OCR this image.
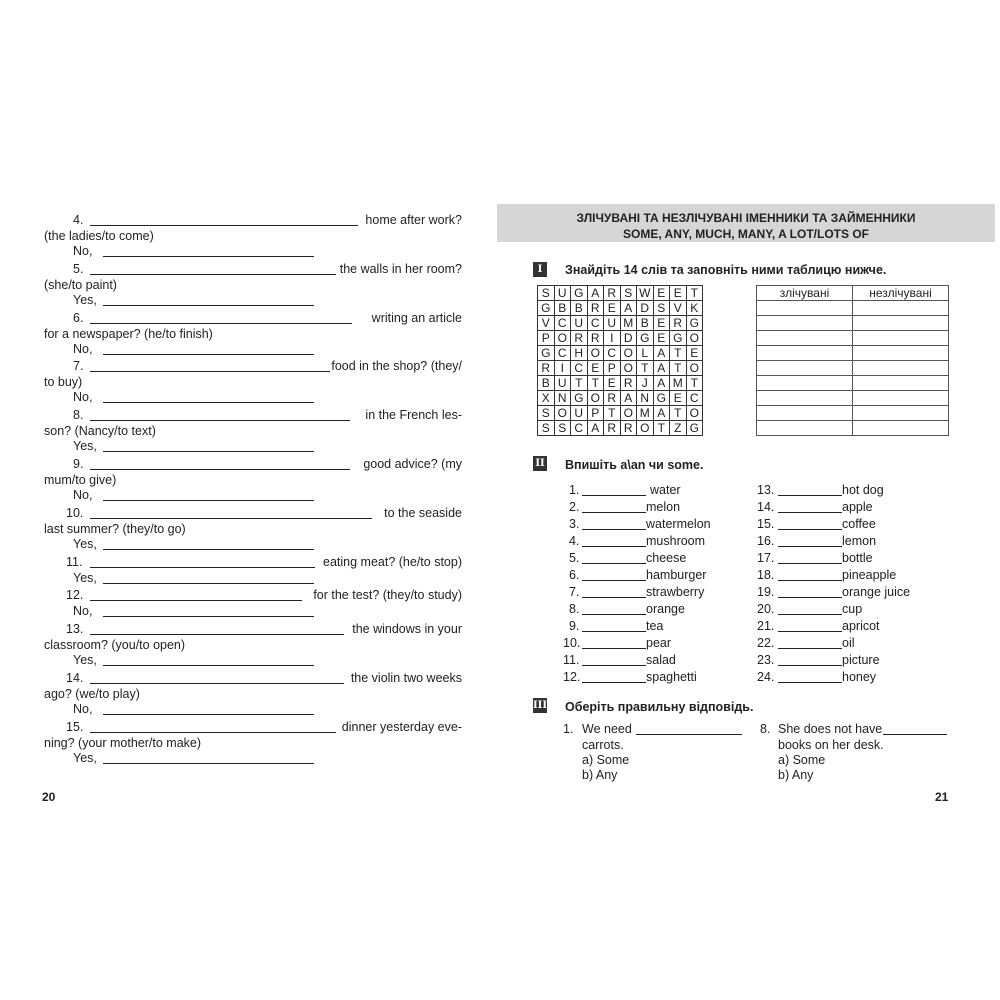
4.	home after work?
(the ladies/to come)
No,
5.	the walls in her room?
(she/to paint)
Yes,
6.	writing an article
for a newspaper? (he/to finish)
No,
7.	food in the shop? (they/
to buy)
No,
8.	in the French les-
son? (Nancy/to text)
Yes,
9.	good advice? (my
mum/to give)
No,
10.	to the seaside
last summer? (they/to go)
Yes,
11.	eating meat? (he/to stop)
Yes,
12.	for the test? (they/to study)
No,
13.	the windows in your
classroom? (you/to open)
Yes,
14.	the violin two weeks
ago? (we/to play)
No,
15.	dinner yesterday eve-
ning? (your mother/to make)
Yes,
20
ЗЛІЧУВАНІ ТА НЕЗЛІЧУВАНІ ІМЕННИКИ ТА ЗАЙМЕННИКИ
SOME, ANY, MUCH, MANY, A LOT/LOTS OF
I	Знайдіть 14 слів та заповніть ними таблицю нижче.
S	U	G	A	R	S	W	E	E	T
G	B	B	R	E	A	D	S	V	K
V	C	U	C	U	M	B	E	R	G
P	O	R	R	I	D	G	E	G	O
G	C	H	O	C	O	L	A	T	E
R	I	C	E	P	O	T	A	T	O
B	U	T	T	E	R	J	A	M	T
X	N	G	O	R	A	N	G	E	C
S	O	U	P	T	O	M	A	T	O
S	S	C	A	R	R	O	T	Z	G
злічувані	незлічувані

II Впишіть a\an чи some.
1.	water
2.	melon
3.	watermelon
4.	mushroom
5.	cheese
6.	hamburger
7.	strawberry
8.	orange
9.	tea
10.	pear
11.	salad
12.	spaghetti
13.	hot dog
14.	apple
15.	coffee
16.	lemon
17.	bottle
18.	pineapple
19.	orange juice
20.	cup
21.	apricot
22.	oil
23.	picture
24.	honey
III Оберіть правильну відповідь.
1. We need
carrots.
a) Some
b) Any
8. She does not have
books on her desk.
a) Some
b) Any
21
